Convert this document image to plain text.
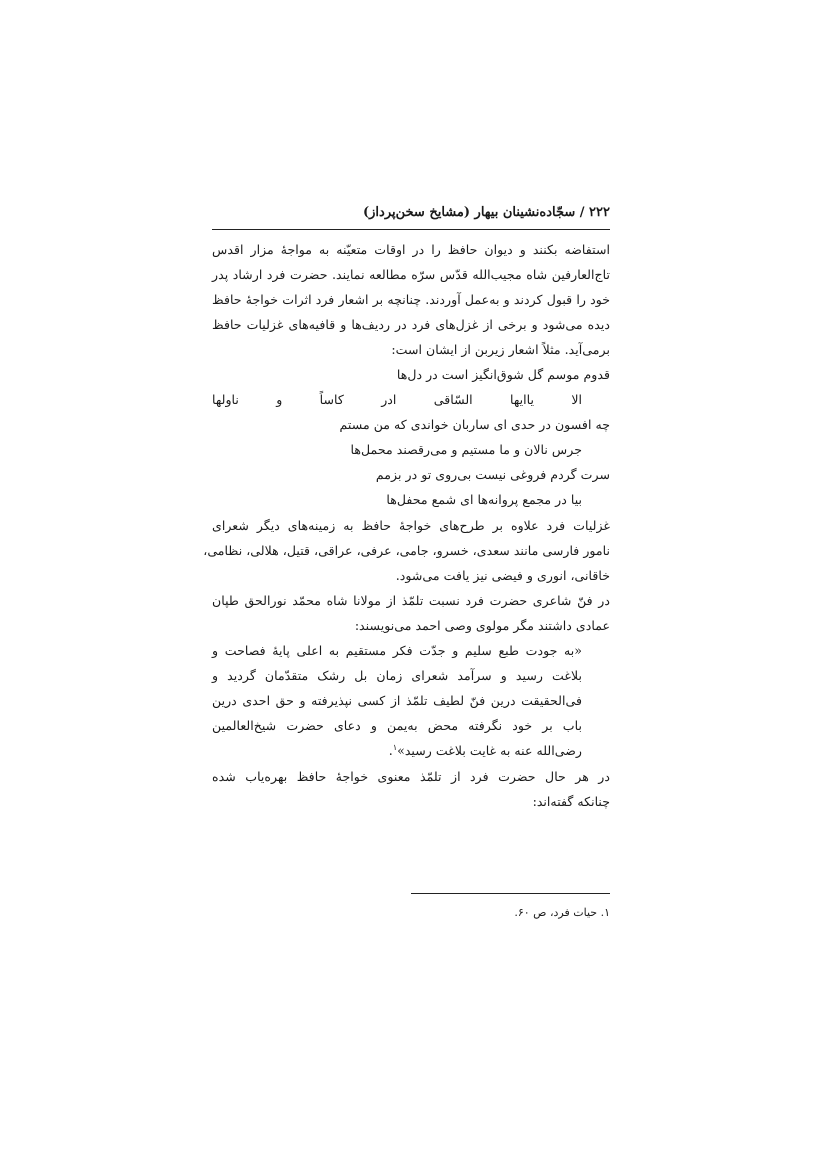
۲۲۲ / سجّاده‌نشینان بیهار (مشایخ سخن‌پرداز)
استفاضه بکنند و دیوان حافظ را در اوقات متعیّنه به مواجهٔ مزار اقدس
تاج‌العارفین شاه مجیب‌الله قدّس سرّه مطالعه نمایند. حضرت فرد ارشاد پدر
خود را قبول کردند و به‌عمل آوردند. چنانچه بر اشعار فرد اثرات خواجهٔ حافظ
دیده می‌شود و برخی از غزل‌های فرد در ردیف‌ها و قافیه‌های غزلیات حافظ
برمی‌آید. مثلاً اشعار زیربن از ایشان است:
قدوم موسم گل شوق‌انگیز است در دل‌ها
الا یاایها السّاقی ادر کاساً و ناولها
چه افسون در حدی ای ساربان خواندی که من مستم
جرس نالان و ما مستیم و می‌رقصند محمل‌ها
سرت گردم فروغی نیست بی‌روی تو در بزمم
بیا در مجمع پروانه‌ها ای شمع محفل‌ها
غزلیات فرد علاوه بر طرح‌های خواجهٔ حافظ به زمینه‌های دیگر شعرای
نامور فارسی مانند سعدی، خسرو، جامی، عرفی، عراقی، قتیل، هلالی، نظامی،
خاقانی، انوری و فیضی نیز یافت می‌شود.
در فنّ شاعری حضرت فرد نسبت تلمّذ از مولانا شاه محمّد نورالحق طپان
عمادی داشتند مگر مولوی وصی احمد می‌نویسند:
«به جودت طبع سلیم و جدّت فکر مستقیم به اعلی پایهٔ فصاحت و
بلاغت رسید و سرآمد شعرای زمان بل رشک متقدّمان گردید و
فی‌الحقیقت درین فنّ لطیف تلمّذ از کسی نپذیرفته و حق احدی درین
باب بر خود نگرفته محض به‌یمن و دعای حضرت شیخ‌العالمین
رضی‌الله عنه به غایت بلاغت رسید»$^۱$.
در هر حال حضرت فرد از تلمّذ معنوی خواجهٔ حافظ بهره‌یاب شده
چنانکه گفته‌اند:
۱. حیات فرد، ص ۶۰.
